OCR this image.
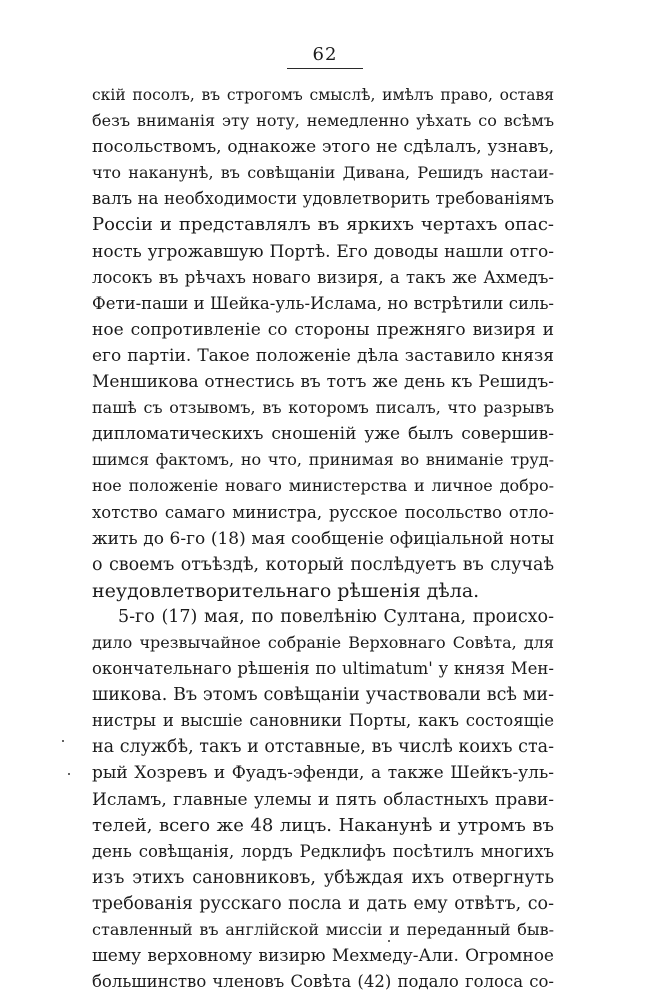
62
скій посолъ, въ строгомъ смыслѣ, имѣлъ право, оставя
безъ вниманія эту ноту, немедленно уѣхать со всѣмъ
посольствомъ, однакоже этого не сдѣлалъ, узнавъ,
что наканунѣ, въ совѣщаніи Дивана, Решидъ настаи-
валъ на необходимости удовлетворить требованіямъ
Россіи и представлялъ въ яркихъ чертахъ опас-
ность угрожавшую Портѣ. Его доводы нашли отго-
лосокъ въ рѣчахъ новаго визиря, а такъ же Ахмедъ-
Фети-паши и Шейка-уль-Ислама, но встрѣтили силь-
ное сопротивленіе со стороны прежняго визиря и
его партіи. Такое положеніе дѣла заставило князя
Меншикова отнестись въ тотъ же день къ Решидъ-
пашѣ съ отзывомъ, въ которомъ писалъ, что разрывъ
дипломатическихъ сношеній уже былъ совершив-
шимся фактомъ, но что, принимая во вниманіе труд-
ное положеніе новаго министерства и личное добро-
хотство самаго министра, русское посольство отло-
жить до 6-го (18) мая сообщеніе офиціальной ноты
о своемъ отъѣздѣ, который послѣдуетъ въ случаѣ
неудовлетворительнаго рѣшенія дѣла.
5-го (17) мая, по повелѣнію Султана, происхо-
дило чрезвычайное собраніе Верховнаго Совѣта, для
окончательнаго рѣшенія по ultimatum' у князя Мен-
шикова. Въ этомъ совѣщаніи участвовали всѣ ми-
нистры и высшіе сановники Порты, какъ состоящіе
на службѣ, такъ и отставные, въ числѣ коихъ ста-
рый Хозревъ и Фуадъ-эфенди, а также Шейкъ-уль-
Исламъ, главные улемы и пять областныхъ прави-
телей, всего же 48 лицъ. Наканунѣ и утромъ въ
день совѣщанія, лордъ Редклифъ посѣтилъ многихъ
изъ этихъ сановниковъ, убѣждая ихъ отвергнуть
требованія русскаго посла и дать ему отвѣтъ, со-
ставленный въ англійской миссіи и переданный быв-
шему верховному визирю Мехмеду-Али. Огромное
большинство членовъ Совѣта (42) подало голоса со-
